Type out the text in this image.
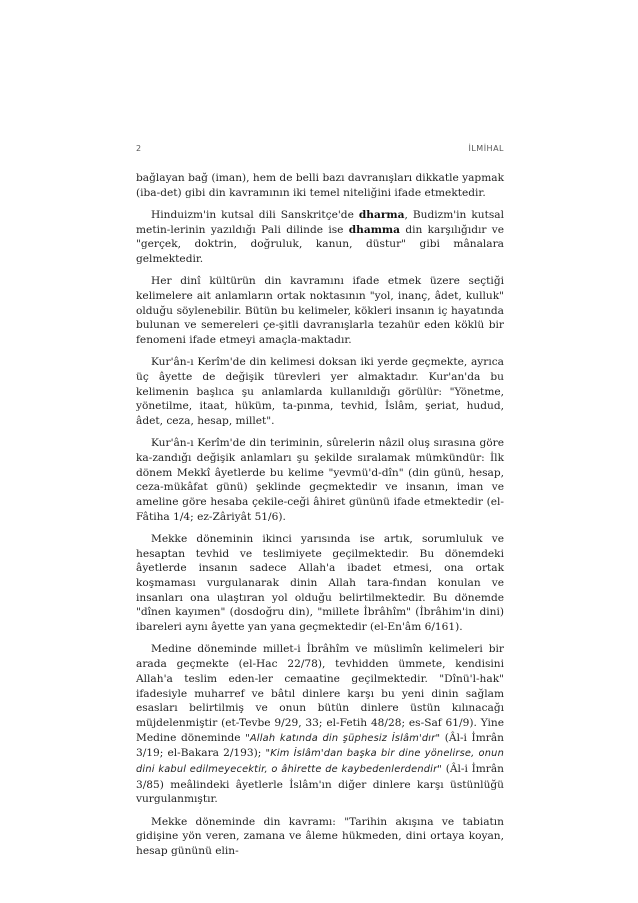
2	İLMİHAL

bağlayan bağ (iman), hem de belli bazı davranışları dikkatle yapmak (iba-det) gibi din kavramının iki temel niteliğini ifade etmektedir.

Hinduizm'in kutsal dili Sanskritçe'de dharma, Budizm'in kutsal metin-lerinin yazıldığı Pali dilinde ise dhamma din karşılığıdır ve "gerçek, doktrin, doğruluk, kanun, düstur" gibi mânalara gelmektedir.

Her dinî kültürün din kavramını ifade etmek üzere seçtiği kelimelere ait anlamların ortak noktasının "yol, inanç, âdet, kulluk" olduğu söylenebilir. Bütün bu kelimeler, kökleri insanın iç hayatında bulunan ve semereleri çe-şitli davranışlarla tezahür eden köklü bir fenomeni ifade etmeyi amaçla-maktadır.

Kur'ân-ı Kerîm'de din kelimesi doksan iki yerde geçmekte, ayrıca üç âyette de değişik türevleri yer almaktadır. Kur'an'da bu kelimenin başlıca şu anlamlarda kullanıldığı görülür: "Yönetme, yönetilme, itaat, hüküm, ta-pınma, tevhid, İslâm, şeriat, hudud, âdet, ceza, hesap, millet".

Kur'ân-ı Kerîm'de din teriminin, sûrelerin nâzil oluş sırasına göre ka-zandığı değişik anlamları şu şekilde sıralamak mümkündür: İlk dönem Mekkî âyetlerde bu kelime "yevmü'd-dîn" (din günü, hesap, ceza-mükâfat günü) şeklinde geçmektedir ve insanın, iman ve ameline göre hesaba çekile-ceği âhiret gününü ifade etmektedir (el-Fâtiha 1/4; ez-Zâriyât 51/6).

Mekke döneminin ikinci yarısında ise artık, sorumluluk ve hesaptan tevhid ve teslimiyete geçilmektedir. Bu dönemdeki âyetlerde insanın sadece Allah'a ibadet etmesi, ona ortak koşmaması vurgulanarak dinin Allah tara-fından konulan ve insanları ona ulaştıran yol olduğu belirtilmektedir. Bu dönemde "dînen kayımen" (dosdoğru din), "millete İbrâhîm" (İbrâhim'in dini) ibareleri aynı âyette yan yana geçmektedir (el-En'âm 6/161).

Medine döneminde millet-i İbrâhîm ve müslimîn kelimeleri bir arada geçmekte (el-Hac 22/78), tevhidden ümmete, kendisini Allah'a teslim eden-ler cemaatine geçilmektedir. "Dînü'l-hak" ifadesiyle muharref ve bâtıl dinlere karşı bu yeni dinin sağlam esasları belirtilmiş ve onun bütün dinlere üstün kılınacağı müjdelenmiştir (et-Tevbe 9/29, 33; el-Fetih 48/28; es-Saf 61/9). Yine Medine döneminde "Allah katında din şüphesiz İslâm'dır" (Âl-i İmrân 3/19; el-Bakara 2/193); "Kim İslâm'dan başka bir dine yönelirse, onun dini kabul edilmeyecektir, o âhirette de kaybedenlerdendir" (Âl-i İmrân 3/85) meâlindeki âyetlerle İslâm'ın diğer dinlere karşı üstünlüğü vurgulanmıştır.

Mekke döneminde din kavramı: "Tarihin akışına ve tabiatın gidişine yön veren, zamana ve âleme hükmeden, dini ortaya koyan, hesap gününü elin-
